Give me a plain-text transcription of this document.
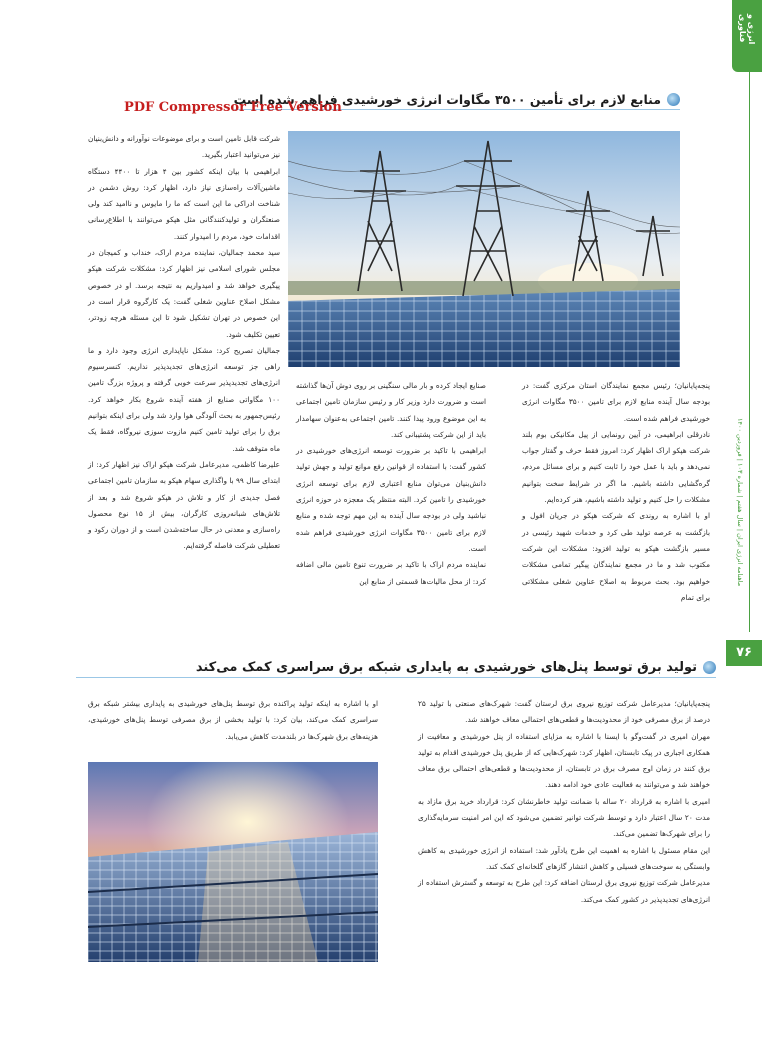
انرژی و فناوری
ماهنامه انرژی ایران | سال هفتم | شماره ۱۰۳ | فروردین ۱۴۰۰
۷۶
منابع لازم برای تأمین ۳۵۰۰ مگاوات انرژی خورشیدی فراهم شده است
PDF Compressor Free Version

پنجه‌پایانیان؛ رئیس مجمع نمایندگان استان مرکزی گفت: در بودجه سال آینده منابع لازم برای تامین ۳۵۰۰ مگاوات انرژی خورشیدی فراهم شده است.

نادرقلی ابراهیمی، در آیین رونمایی از پیل مکانیکی بوم بلند شرکت هپکو اراک اظهار کرد: امروز فقط حرف و گفتار جواب نمی‌دهد و باید با عمل خود را ثابت کنیم و برای مسائل مردم، گره‌گشایی داشته باشیم. ما اگر در شرایط سخت بتوانیم مشکلات را حل کنیم و تولید داشته باشیم، هنر کرده‌ایم.

او با اشاره به روندی که شرکت هپکو در جریان افول و بازگشت به عرصه تولید طی کرد و خدمات شهید رئیسی در مسیر بازگشت هپکو به تولید افزود: مشکلات این شرکت مکتوب شد و ما در مجمع نمایندگان پیگیر تمامی مشکلات خواهیم بود. بحث مربوط به اصلاح عناوین شغلی مشکلاتی برای تمام

صنایع ایجاد کرده و بار مالی سنگینی بر روی دوش آن‌ها گذاشته است و ضرورت دارد وزیر کار و رئیس سازمان تامین اجتماعی به این موضوع ورود پیدا کنند. تامین اجتماعی به‌عنوان سهامدار باید از این شرکت پشتیبانی کند.

ابراهیمی با تاکید بر ضرورت توسعه انرژی‌های خورشیدی در کشور گفت: با استفاده از قوانین رفع موانع تولید و جهش تولید دانش‌بنیان می‌توان منابع اعتباری لازم برای توسعه انرژی خورشیدی را تامین کرد. البته منتظر یک معجزه در حوزه انرژی نباشید ولی در بودجه سال آینده به این مهم توجه شده و منابع لازم برای تامین ۳۵۰۰ مگاوات انرژی خورشیدی فراهم شده است.

نماینده مردم اراک با تاکید بر ضرورت تنوع تامین مالی اضافه کرد: از محل مالیات‌ها قسمتی از منابع این

شرکت قابل تامین است و برای موضوعات نوآورانه و دانش‌بنیان نیز می‌توانید اعتبار بگیرید.

ابراهیمی با بیان اینکه کشور بین ۴ هزار تا ۴۴۰۰ دستگاه ماشین‌آلات راه‌سازی نیاز دارد، اظهار کرد: روش دشمن در شناخت ادراکی ما این است که ما را مایوس و ناامید کند ولی صنعتگران و تولیدکنندگانی مثل هپکو می‌توانند با اطلاع‌رسانی اقدامات خود، مردم را امیدوار کنند.

سید محمد جمالیان، نماینده مردم اراک، خنداب و کمیجان در مجلس شورای اسلامی نیز اظهار کرد: مشکلات شرکت هپکو پیگیری خواهد شد و امیدواریم به نتیجه برسد. او در خصوص مشکل اصلاح عناوین شغلی گفت: یک کارگروه قرار است در این خصوص در تهران تشکیل شود تا این مسئله هرچه زودتر، تعیین تکلیف شود.

جمالیان تصریح کرد: مشکل ناپایداری انرژی وجود دارد و ما راهی جز توسعه انرژی‌های تجدیدپذیر نداریم. کنسرسیوم انرژی‌های تجدیدپذیر سرعت خوبی گرفته و پروژه بزرگ تامین ۱۰۰ مگاواتی صنایع از هفته آینده شروع بکار خواهد کرد. رئیس‌جمهور به بحث آلودگی هوا وارد شد ولی برای اینکه بتوانیم برق را برای تولید تامین کنیم مازوت سوزی نیروگاه، فقط یک ماه متوقف شد.

علیرضا کاظمی، مدیرعامل شرکت هپکو اراک نیز اظهار کرد: از ابتدای سال ۹۹ با واگذاری سهام هپکو به سازمان تامین اجتماعی فصل جدیدی از کار و تلاش در هپکو شروع شد و بعد از تلاش‌های شبانه‌روزی کارگران، بیش از ۱۵ نوع محصول راه‌سازی و معدنی در حال ساخته‌شدن است و از دوران رکود و تعطیلی شرکت فاصله گرفته‌ایم.

تولید برق توسط پنل‌های خورشیدی به پایداری شبکه برق سراسری کمک می‌کند

پنجه‌پایانیان؛ مدیرعامل شرکت توزیع نیروی برق لرستان گفت: شهرک‌های صنعتی با تولید ۲۵ درصد از برق مصرفی خود از محدودیت‌ها و قطعی‌های احتمالی معاف خواهند شد.

مهران امیری در گفت‌وگو با ایسنا با اشاره به مزایای استفاده از پنل خورشیدی و معافیت از همکاری اجباری در پیک تابستان، اظهار کرد: شهرک‌هایی که از طریق پنل خورشیدی اقدام به تولید برق کنند در زمان اوج مصرف برق در تابستان، از محدودیت‌ها و قطعی‌های احتمالی برق معاف خواهند شد و می‌توانند به فعالیت عادی خود ادامه دهند.

امیری با اشاره به قرارداد ۲۰ ساله با ضمانت تولید خاطرنشان کرد: قرارداد خرید برق مازاد به مدت ۲۰ سال اعتبار دارد و توسط شرکت توانیر تضمین می‌شود که این امر امنیت سرمایه‌گذاری را برای شهرک‌ها تضمین می‌کند.

این مقام مسئول با اشاره به اهمیت این طرح یادآور شد: استفاده از انرژی خورشیدی به کاهش وابستگی به سوخت‌های فسیلی و کاهش انتشار گازهای گلخانه‌ای کمک کند.

مدیرعامل شرکت توزیع نیروی برق لرستان اضافه کرد: این طرح به توسعه و گسترش استفاده از انرژی‌های تجدیدپذیر در کشور کمک می‌کند.

او با اشاره به اینکه تولید پراکنده برق توسط پنل‌های خورشیدی به پایداری بیشتر شبکه برق سراسری کمک می‌کند، بیان کرد: با تولید بخشی از برق مصرفی توسط پنل‌های خورشیدی، هزینه‌های برق شهرک‌ها در بلندمدت کاهش می‌یابد.
